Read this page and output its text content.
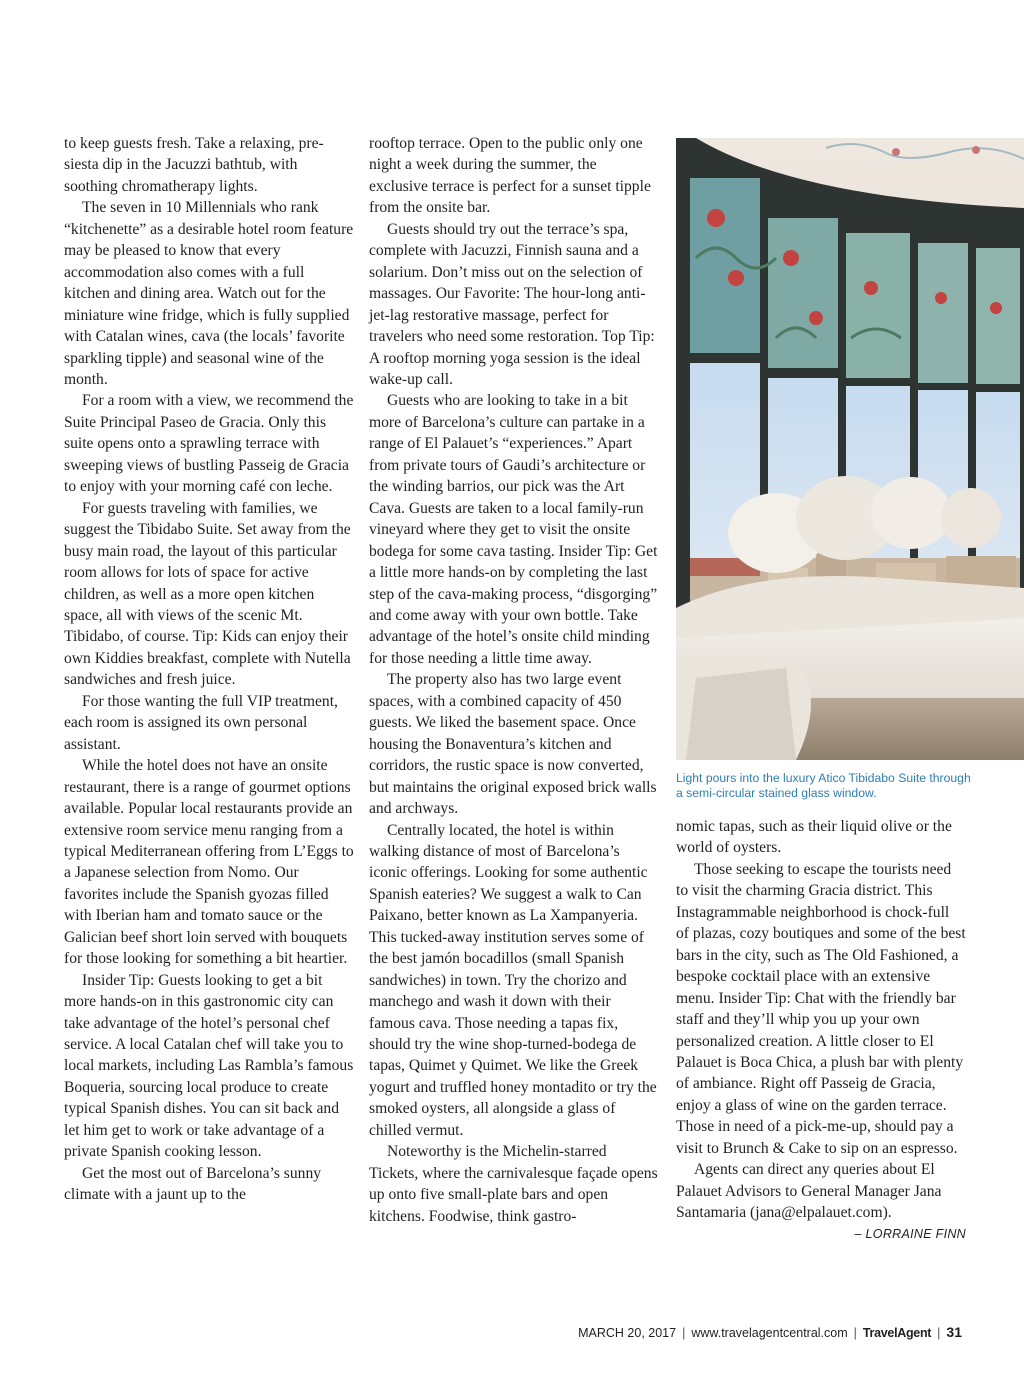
to keep guests fresh. Take a relaxing, pre-siesta dip in the Jacuzzi bathtub, with soothing chromatherapy lights.

The seven in 10 Millennials who rank “kitchenette” as a desirable hotel room feature may be pleased to know that every accommodation also comes with a full kitchen and dining area. Watch out for the miniature wine fridge, which is fully supplied with Catalan wines, cava (the locals’ favorite sparkling tipple) and seasonal wine of the month.

For a room with a view, we recommend the Suite Principal Paseo de Gracia. Only this suite opens onto a sprawling terrace with sweeping views of bustling Passeig de Gracia to enjoy with your morning café con leche.

For guests traveling with families, we suggest the Tibidabo Suite. Set away from the busy main road, the layout of this particular room allows for lots of space for active children, as well as a more open kitchen space, all with views of the scenic Mt. Tibidabo, of course. Tip: Kids can enjoy their own Kiddies breakfast, complete with Nutella sandwiches and fresh juice.

For those wanting the full VIP treatment, each room is assigned its own personal assistant.

While the hotel does not have an onsite restaurant, there is a range of gourmet options available. Popular local restaurants provide an extensive room service menu ranging from a typical Mediterranean offering from L’Eggs to a Japanese selection from Nomo. Our favorites include the Spanish gyozas filled with Iberian ham and tomato sauce or the Galician beef short loin served with bouquets for those looking for something a bit heartier.

Insider Tip: Guests looking to get a bit more hands-on in this gastronomic city can take advantage of the hotel’s personal chef service. A local Catalan chef will take you to local markets, including Las Rambla’s famous Boqueria, sourcing local produce to create typical Spanish dishes. You can sit back and let him get to work or take advantage of a private Spanish cooking lesson.

Get the most out of Barcelona’s sunny climate with a jaunt up to the

rooftop terrace. Open to the public only one night a week during the summer, the exclusive terrace is perfect for a sunset tipple from the onsite bar.

Guests should try out the terrace’s spa, complete with Jacuzzi, Finnish sauna and a solarium. Don’t miss out on the selection of massages. Our Favorite: The hour-long anti-jet-lag restorative massage, perfect for travelers who need some restoration. Top Tip: A rooftop morning yoga session is the ideal wake-up call.

Guests who are looking to take in a bit more of Barcelona’s culture can partake in a range of El Palauet’s “experiences.” Apart from private tours of Gaudi’s architecture or the winding barrios, our pick was the Art Cava. Guests are taken to a local family-run vineyard where they get to visit the onsite bodega for some cava tasting. Insider Tip: Get a little more hands-on by completing the last step of the cava-making process, “disgorging” and come away with your own bottle. Take advantage of the hotel’s onsite child minding for those needing a little time away.

The property also has two large event spaces, with a combined capacity of 450 guests. We liked the basement space. Once housing the Bonaventura’s kitchen and corridors, the rustic space is now converted, but maintains the original exposed brick walls and archways.

Centrally located, the hotel is within walking distance of most of Barcelona’s iconic offerings. Looking for some authentic Spanish eateries? We suggest a walk to Can Paixano, better known as La Xampanyeria. This tucked-away institution serves some of the best jamón bocadillos (small Spanish sandwiches) in town. Try the chorizo and manchego and wash it down with their famous cava. Those needing a tapas fix, should try the wine shop-turned-bodega de tapas, Quimet y Quimet. We like the Greek yogurt and truffled honey montadito or try the smoked oysters, all alongside a glass of chilled vermut.

Noteworthy is the Michelin-starred Tickets, where the carnivalesque façade opens up onto five small-plate bars and open kitchens. Foodwise, think gastro-

Light pours into the luxury Atico Tibidabo Suite through a semi-circular stained glass window.

nomic tapas, such as their liquid olive or the world of oysters.

Those seeking to escape the tourists need to visit the charming Gracia district. This Instagrammable neighborhood is chock-full of plazas, cozy boutiques and some of the best bars in the city, such as The Old Fashioned, a bespoke cocktail place with an extensive menu. Insider Tip: Chat with the friendly bar staff and they’ll whip you up your own personalized creation. A little closer to El Palauet is Boca Chica, a plush bar with plenty of ambiance. Right off Passeig de Gracia, enjoy a glass of wine on the garden terrace. Those in need of a pick-me-up, should pay a visit to Brunch & Cake to sip on an espresso.

Agents can direct any queries about El Palauet Advisors to General Manager Jana Santamaria (jana@elpalauet.com).

– LORRAINE FINN

MARCH 20, 2017 | www.travelagentcentral.com | TravelAgent | 31
